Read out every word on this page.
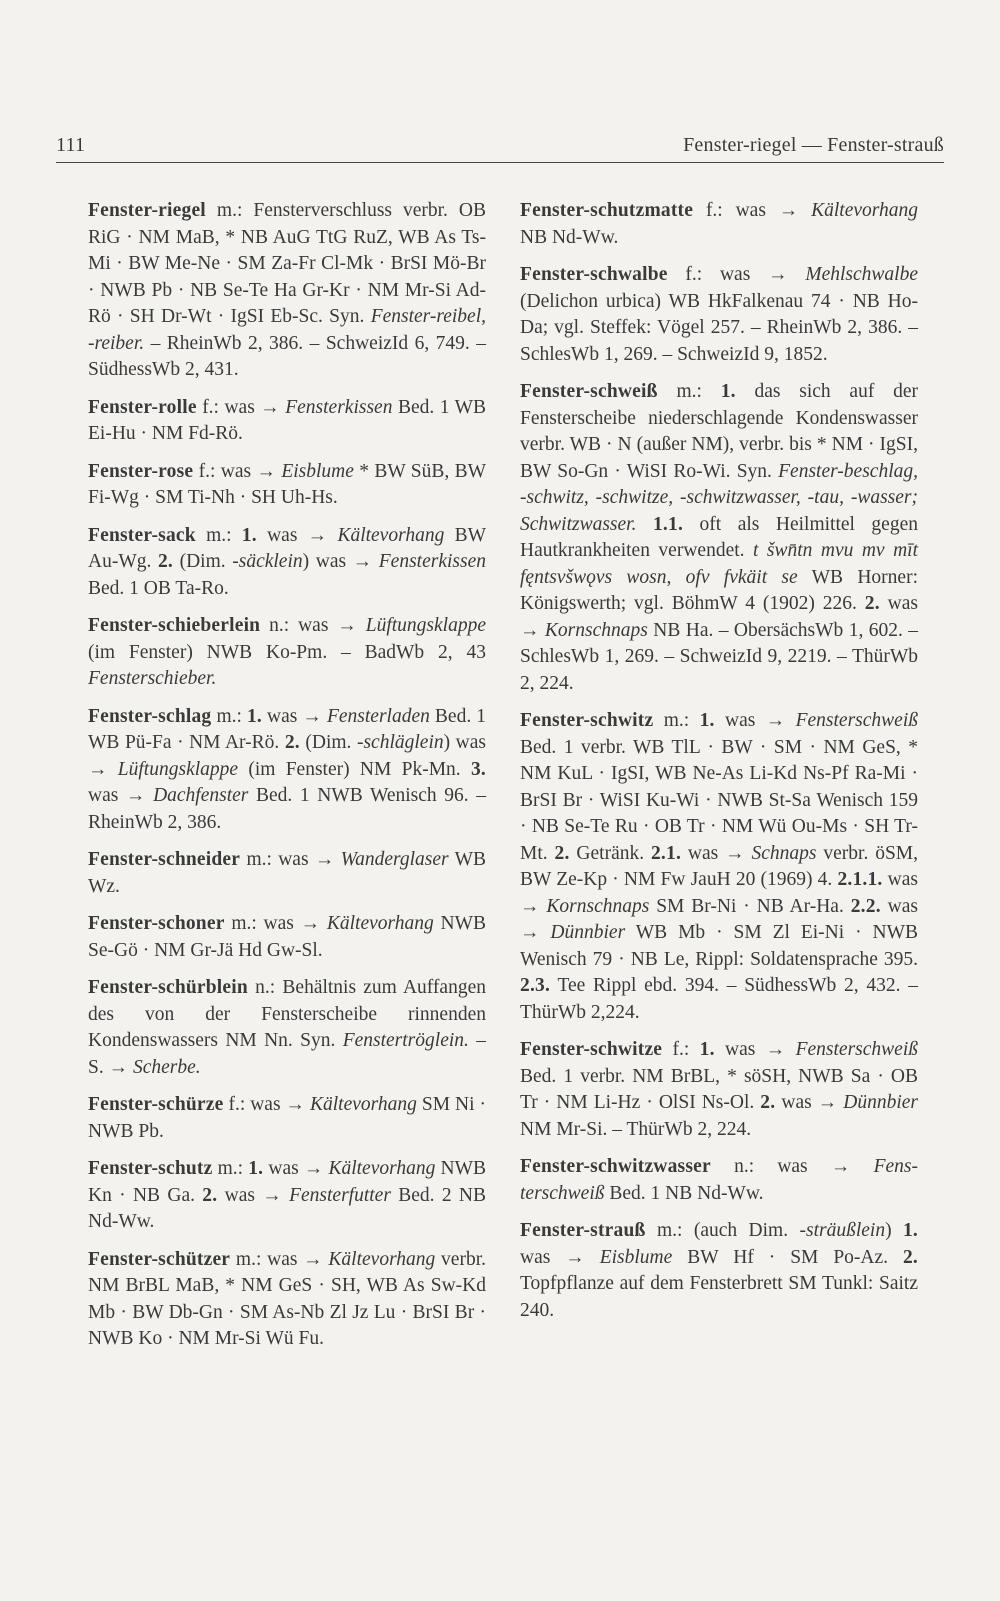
111	Fenster-riegel — Fenster-strauß

Fenster-riegel m.: Fensterverschluss verbr. OB RiG · NM MaB, * NB AuG TtG RuZ, WB As Ts-Mi · BW Me-Ne · SM Za-Fr Cl-Mk · BrSI Mö-Br · NWB Pb · NB Se-Te Ha Gr-Kr · NM Mr-Si Ad-Rö · SH Dr-Wt · IgSI Eb-Sc. Syn. Fenster-reibel, -reiber. – RheinWb 2, 386. – SchweizId 6, 749. – SüdhessWb 2, 431.

Fenster-rolle f.: was → Fensterkissen Bed. 1 WB Ei-Hu · NM Fd-Rö.

Fenster-rose f.: was → Eisblume * BW SüB, BW Fi-Wg · SM Ti-Nh · SH Uh-Hs.

Fenster-sack m.: 1. was → Kältevorhang BW Au-Wg. 2. (Dim. -säcklein) was → Fensterkissen Bed. 1 OB Ta-Ro.

Fenster-schieberlein n.: was → Lüftungsklappe (im Fenster) NWB Ko-Pm. – BadWb 2, 43 Fensterschieber.

Fenster-schlag m.: 1. was → Fensterladen Bed. 1 WB Pü-Fa · NM Ar-Rö. 2. (Dim. -schläglein) was → Lüftungsklappe (im Fenster) NM Pk-Mn. 3. was → Dachfenster Bed. 1 NWB Wenisch 96. – RheinWb 2, 386.

Fenster-schneider m.: was → Wanderglaser WB Wz.

Fenster-schoner m.: was → Kältevorhang NWB Se-Gö · NM Gr-Jä Hd Gw-Sl.

Fenster-schürblein n.: Behältnis zum Auffangen des von der Fensterscheibe rinnenden Kondenswassers NM Nn. Syn. Fenstertröglein. – S. → Scherbe.

Fenster-schürze f.: was → Kältevorhang SM Ni · NWB Pb.

Fenster-schutz m.: 1. was → Kältevorhang NWB Kn · NB Ga. 2. was → Fensterfutter Bed. 2 NB Nd-Ww.

Fenster-schützer m.: was → Kältevorhang verbr. NM BrBL MaB, * NM GeS · SH, WB As Sw-Kd Mb · BW Db-Gn · SM As-Nb Zl Jz Lu · BrSI Br · NWB Ko · NM Mr-Si Wü Fu.

Fenster-schutzmatte f.: was → Kältevorhang NB Nd-Ww.

Fenster-schwalbe f.: was → Mehlschwalbe (Delichon urbica) WB HkFalkenau 74 · NB Ho-Da; vgl. Steffek: Vögel 257. – RheinWb 2, 386. – SchlesWb 1, 269. – SchweizId 9, 1852.

Fenster-schweiß m.: 1. das sich auf der Fensterscheibe niederschlagende Kondenswasser verbr. WB · N (außer NM), verbr. bis * NM · IgSI, BW So-Gn · WiSI Ro-Wi. Syn. Fenster-beschlag, -schwitz, -schwitze, -schwitzwasser, -tau, -wasser; Schwitzwasser. 1.1. oft als Heilmittel gegen Hautkrankheiten verwendet. t šwn̄tn mvu mv mīt fęntsvšwǫvs wosn, ofv fvkäit se WB Horner: Königswerth; vgl. BöhmW 4 (1902) 226. 2. was → Kornschnaps NB Ha. – ObersächsWb 1, 602. – SchlesWb 1, 269. – SchweizId 9, 2219. – ThürWb 2, 224.

Fenster-schwitz m.: 1. was → Fensterschweiß Bed. 1 verbr. WB TlL · BW · SM · NM GeS, * NM KuL · IgSI, WB Ne-As Li-Kd Ns-Pf Ra-Mi · BrSI Br · WiSI Ku-Wi · NWB St-Sa Wenisch 159 · NB Se-Te Ru · OB Tr · NM Wü Ou-Ms · SH Tr-Mt. 2. Getränk. 2.1. was → Schnaps verbr. öSM, BW Ze-Kp · NM Fw JauH 20 (1969) 4. 2.1.1. was → Kornschnaps SM Br-Ni · NB Ar-Ha. 2.2. was → Dünnbier WB Mb · SM Zl Ei-Ni · NWB Wenisch 79 · NB Le, Rippl: Soldatensprache 395. 2.3. Tee Rippl ebd. 394. – SüdhessWb 2, 432. – ThürWb 2,224.

Fenster-schwitze f.: 1. was → Fensterschweiß Bed. 1 verbr. NM BrBL, * söSH, NWB Sa · OB Tr · NM Li-Hz · OlSI Ns-Ol. 2. was → Dünnbier NM Mr-Si. – ThürWb 2, 224.

Fenster-schwitzwasser n.: was → Fensterschweiß Bed. 1 NB Nd-Ww.

Fenster-strauß m.: (auch Dim. -sträußlein) 1. was → Eisblume BW Hf · SM Po-Az. 2. Topfpflanze auf dem Fensterbrett SM Tunkl: Saitz 240.
